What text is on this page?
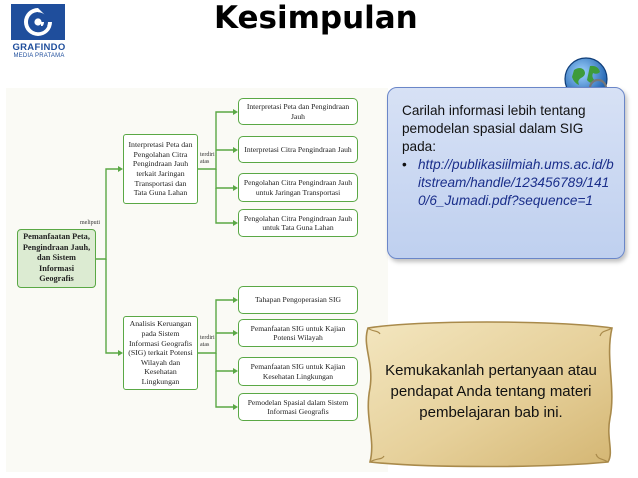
GRAFINDO
MEDIA PRATAMA
Kesimpulan
meliputi
Pemanfaatan Peta, Pengindraan Jauh, dan Sistem Informasi Geografis
Interpretasi Peta dan Pengolahan Citra Pengindraan Jauh terkait Jaringan Transportasi dan Tata Guna Lahan
terdiri atas
Interpretasi Peta dan Pengindraan Jauh
Interpretasi Citra Pengindraan Jauh
Pengolahan Citra Pengindraan Jauh untuk Jaringan Transportasi
Pengolahan Citra Pengindraan Jauh untuk Tata Guna Lahan
Analisis Keruangan pada Sistem Informasi Geografis (SIG) terkait Potensi Wilayah dan Kesehatan Lingkungan
terdiri atas
Tahapan Pengoperasian SIG
Pemanfaatan SIG untuk Kajian Potensi Wilayah
Pemanfaatan SIG untuk Kajian Kesehatan Lingkungan
Pemodelan Spasial dalam Sistem Informasi Geografis
Carilah informasi lebih tentang pemodelan spasial dalam SIG pada:
• http://publikasiilmiah.ums.ac.id/bitstream/handle/123456789/1410/6_Jumadi.pdf?sequence=1
Kemukakanlah pertanyaan atau pendapat Anda tentang materi pembelajaran bab ini.
